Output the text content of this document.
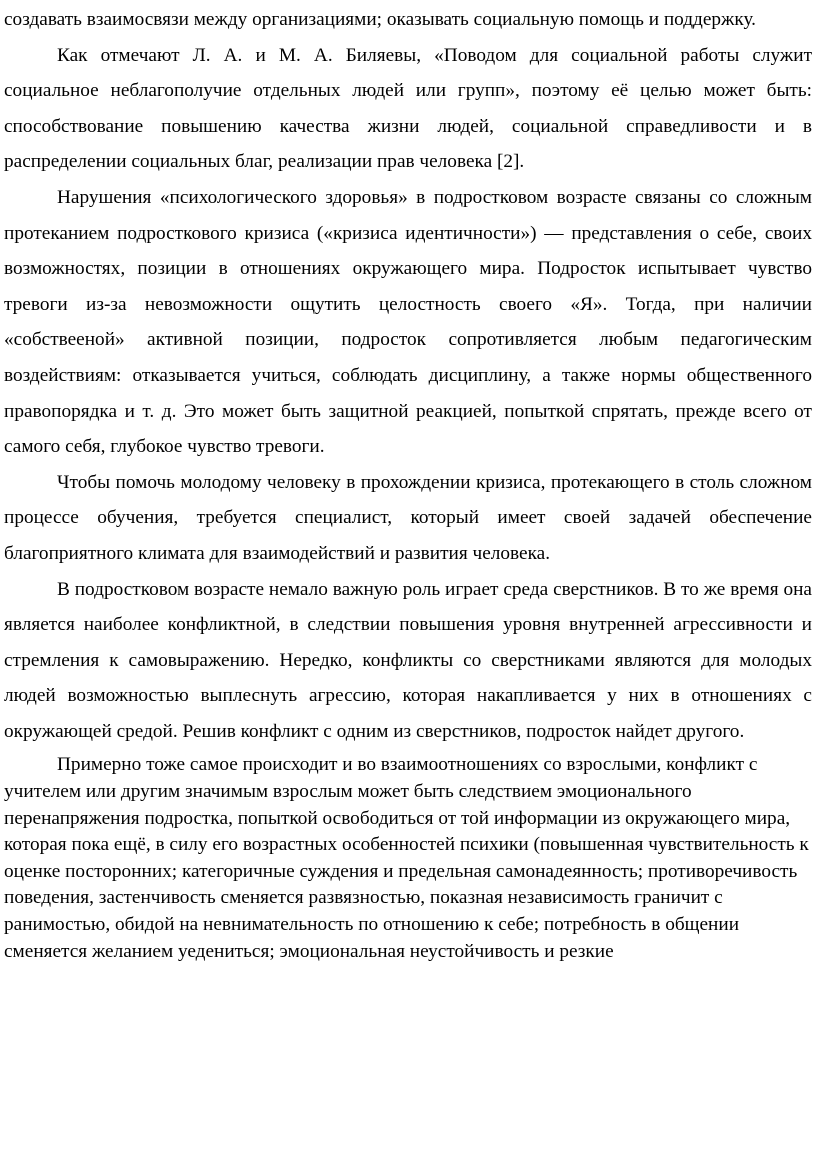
создавать взаимосвязи между организациями; оказывать социальную помощь и поддержку.

Как отмечают Л. А. и М. А. Биляевы, «Поводом для социальной работы служит социальное неблагополучие отдельных людей или групп», поэтому её целью может быть: способствование повышению качества жизни людей, социальной справедливости и в распределении социальных благ, реализации прав человека [2].

Нарушения «психологического здоровья» в подростковом возрасте связаны со сложным протеканием подросткового кризиса («кризиса идентичности») — представления о себе, своих возможностях, позиции в отношениях окружающего мира. Подросток испытывает чувство тревоги из-за невозможности ощутить целостность своего «Я». Тогда, при наличии «собствееной» активной позиции, подросток сопротивляется любым педагогическим воздействиям: отказывается учиться, соблюдать дисциплину, а также нормы общественного правопорядка и т. д. Это может быть защитной реакцией, попыткой спрятать, прежде всего от самого себя, глубокое чувство тревоги.

Чтобы помочь молодому человеку в прохождении кризиса, протекающего в столь сложном процессе обучения, требуется специалист, который имеет своей задачей обеспечение благоприятного климата для взаимодействий и развития человека.

В подростковом возрасте немало важную роль играет среда сверстников. В то же время она является наиболее конфликтной, в следствии повышения уровня внутренней агрессивности и стремления к самовыражению. Нередко, конфликты со сверстниками являются для молодых людей возможностью выплеснуть агрессию, которая накапливается у них в отношениях с окружающей средой. Решив конфликт с одним из сверстников, подросток найдет другого.

Примерно тоже самое происходит и во взаимоотношениях со взрослыми, конфликт с учителем или другим значимым взрослым может быть следствием эмоционального перенапряжения подростка, попыткой освободиться от той информации из окружающего мира, которая пока ещё, в силу его возрастных особенностей психики (повышенная чувствительность к оценке посторонних; категоричные суждения и предельная самонадеянность; противоречивость поведения, застенчивость сменяется развязностью, показная независимость граничит с ранимостью, обидой на невнимательность по отношению к себе; потребность в общении сменяется желанием уедениться; эмоциональная неустойчивость и резкие
